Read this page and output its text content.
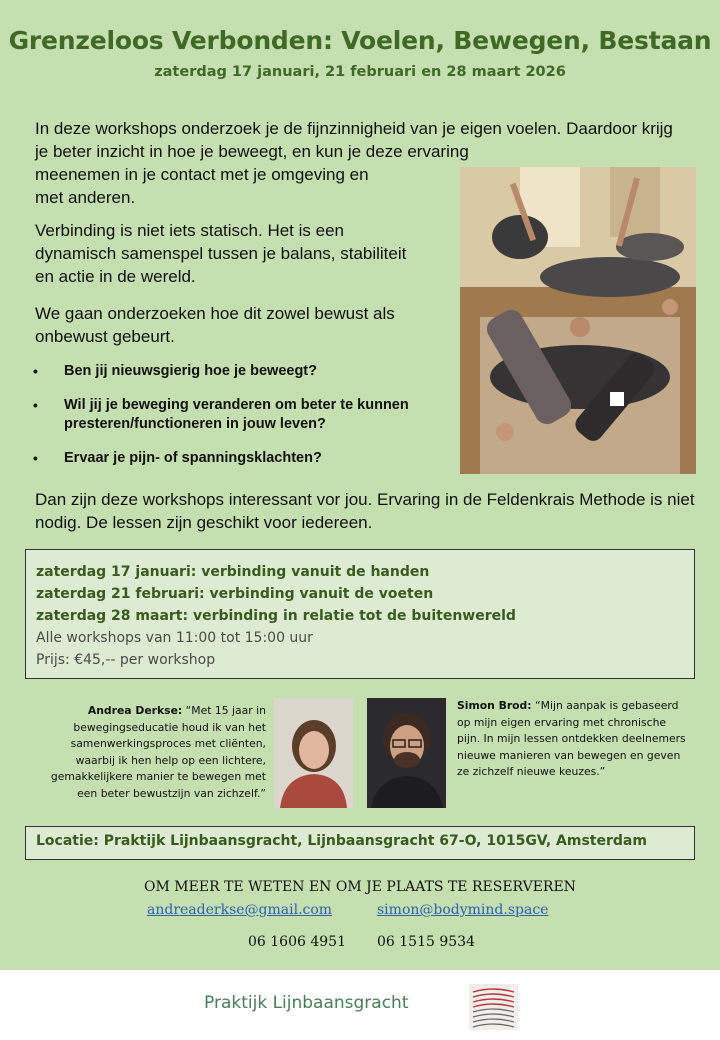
Grenzeloos Verbonden: Voelen, Bewegen, Bestaan
zaterdag 17 januari, 21 februari en 28 maart 2026

In deze workshops onderzoek je de fijnzinnigheid van je eigen voelen. Daardoor krijg je beter inzicht in hoe je beweegt, en kun je deze ervaring

meenemen in je contact met je omgeving en met anderen.

Verbinding is niet iets statisch. Het is een dynamisch samenspel tussen je balans, stabiliteit en actie in de wereld.

We gaan onderzoeken hoe dit zowel bewust als onbewust gebeurt.

• Ben jij nieuwsgierig hoe je beweegt?
• Wil jij je beweging veranderen om beter te kunnen presteren/functioneren in jouw leven?
• Ervaar je pijn- of spanningsklachten?

Dan zijn deze workshops interessant vor jou. Ervaring in de Feldenkrais Methode is niet nodig. De lessen zijn geschikt voor iedereen.

zaterdag 17 januari: verbinding vanuit de handen
zaterdag 21 februari: verbinding vanuit de voeten
zaterdag 28 maart: verbinding in relatie tot de buitenwereld
Alle workshops van 11:00 tot 15:00 uur
Prijs: €45,-- per workshop
Andrea Derkse: “Met 15 jaar in bewegingseducatie houd ik van het samenwerkingsproces met cliënten, waarbij ik hen help op een lichtere, gemakkelijkere manier te bewegen met een beter bewustzijn van zichzelf.”
Simon Brod: “Mijn aanpak is gebaseerd op mijn eigen ervaring met chronische pijn. In mijn lessen ontdekken deelnemers nieuwe manieren van bewegen en geven ze zichzelf nieuwe keuzes.”
Locatie: Praktijk Lijnbaansgracht, Lijnbaansgracht 67-O, 1015GV, Amsterdam
OM MEER TE WETEN EN OM JE PLAATS TE RESERVEREN
andreaderkse@gmail.com	simon@bodymind.space
06 1606 4951 06 1515 9534
Praktijk Lijnbaansgracht
